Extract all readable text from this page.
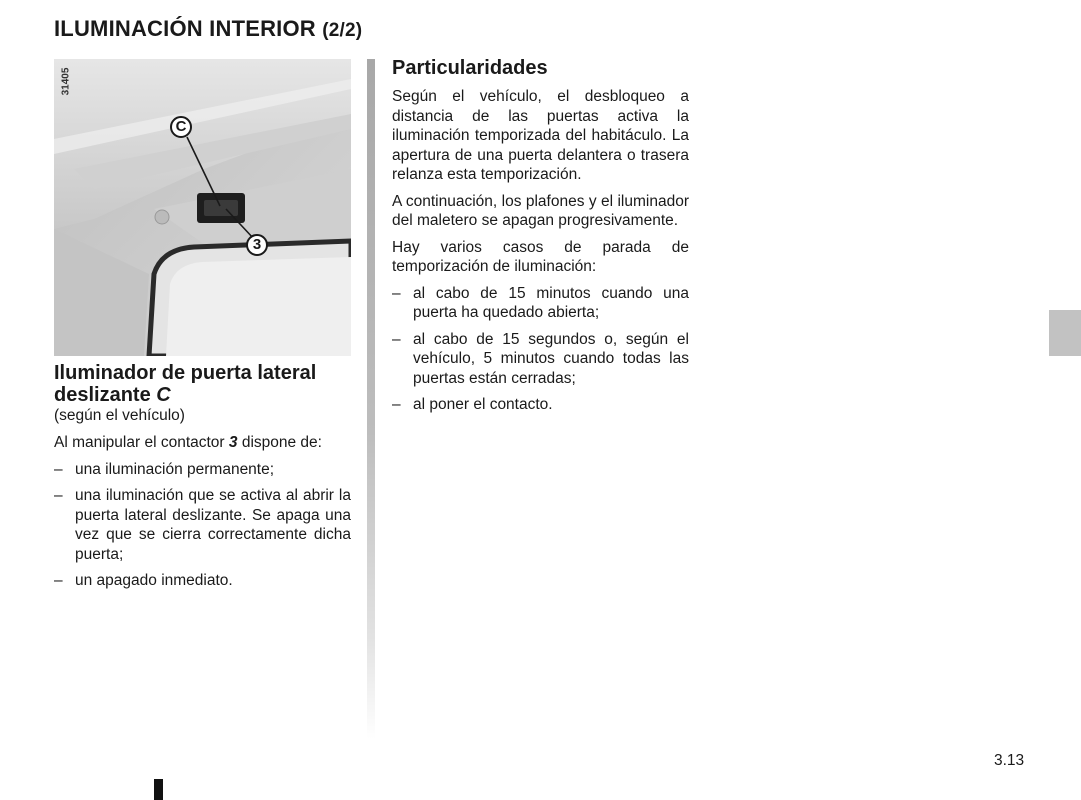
ILUMINACIÓN INTERIOR (2/2)
31405
C
3
Iluminador de puerta lateral
deslizante C
(según el vehículo)
Al manipular el contactor 3 dispone de:
– una iluminación permanente;
– una iluminación que se activa al abrir la puerta lateral deslizante. Se apaga una vez que se cierra correctamente dicha puerta;
– un apagado inmediato.
Particularidades
Según el vehículo, el desbloqueo a distancia de las puertas activa la iluminación temporizada del habitáculo. La apertura de una puerta delantera o trasera relanza esta temporización.
A continuación, los plafones y el iluminador del maletero se apagan progresivamente.
Hay varios casos de parada de temporización de iluminación:
– al cabo de 15 minutos cuando una puerta ha quedado abierta;
– al cabo de 15 segundos o, según el vehículo, 5 minutos cuando todas las puertas están cerradas;
– al poner el contacto.
3.13
